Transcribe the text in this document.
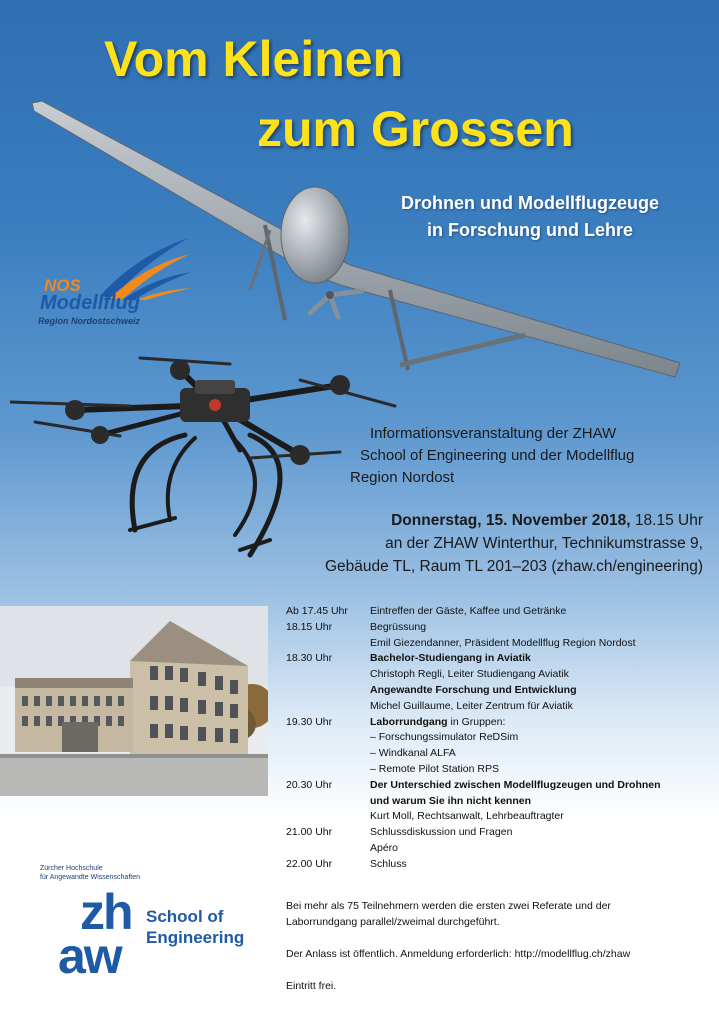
Vom Kleinen
zum Grossen
Drohnen und Modellflugzeuge
in Forschung und Lehre
NOS
Modellflug
Region Nordostschweiz
Informationsveranstaltung der ZHAW
School of Engineering und der Modellflug
Region Nordost
Donnerstag, 15. November 2018, 18.15 Uhr
an der ZHAW Winterthur, Technikumstrasse 9,
Gebäude TL, Raum TL 201–203 (zhaw.ch/engineering)
Ab 17.45 Uhr	Eintreffen der Gäste, Kaffee und Getränke
18.15 Uhr	Begrüssung
Emil Giezendanner, Präsident Modellflug Region Nordost
18.30 Uhr	Bachelor-Studiengang in Aviatik
Christoph Regli, Leiter Studiengang Aviatik
Angewandte Forschung und Entwicklung
Michel Guillaume, Leiter Zentrum für Aviatik
19.30 Uhr	Laborrundgang in Gruppen:
– Forschungssimulator ReDSim
– Windkanal ALFA
– Remote Pilot Station RPS
20.30 Uhr	Der Unterschied zwischen Modellflugzeugen und Drohnen
und warum Sie ihn nicht kennen
Kurt Moll, Rechtsanwalt, Lehrbeauftragter
21.00 Uhr	Schlussdiskussion und Fragen
Apéro
22.00 Uhr	Schluss
Bei mehr als 75 Teilnehmern werden die ersten zwei Referate und der
Laborrundgang parallel/zweimal durchgeführt.
Der Anlass ist öffentlich. Anmeldung erforderlich: http://modellflug.ch/zhaw
Eintritt frei.
Zürcher Hochschule
für Angewandte Wissenschaften
zh
aw
School of
Engineering
